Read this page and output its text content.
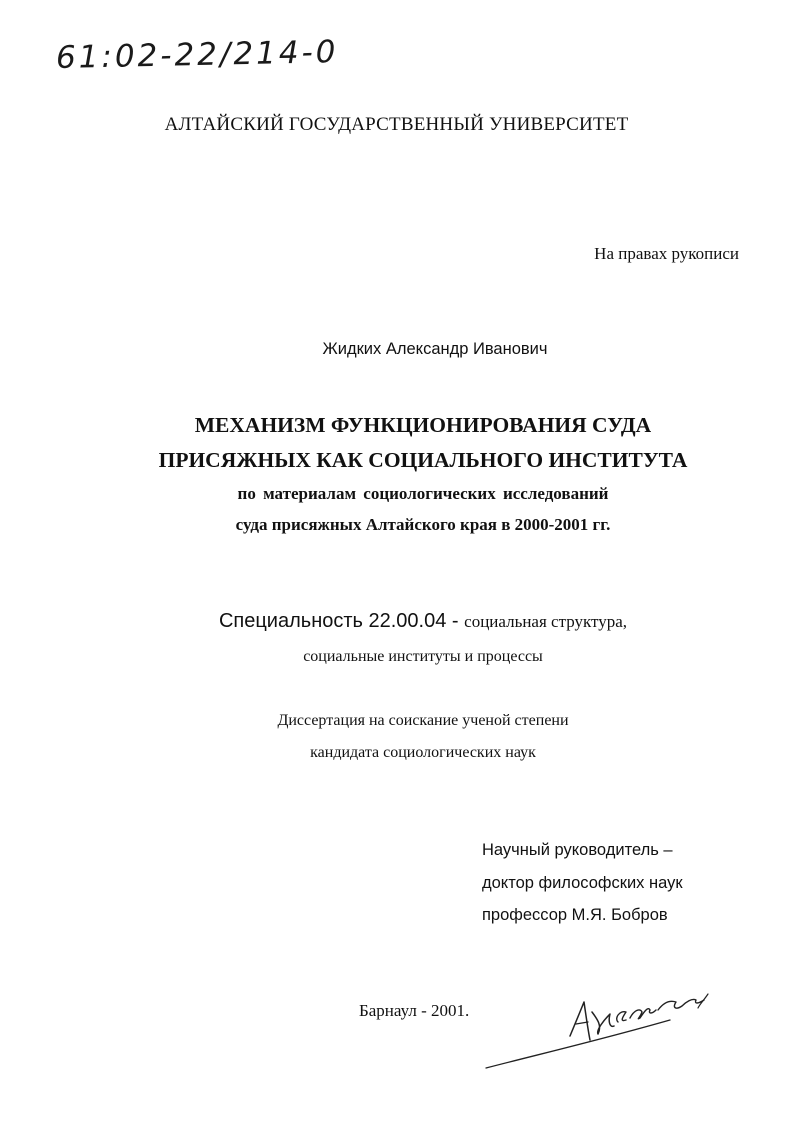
61:02-22/214-0
АЛТАЙСКИЙ ГОСУДАРСТВЕННЫЙ УНИВЕРСИТЕТ
На правах рукописи
Жидких Александр Иванович
МЕХАНИЗМ ФУНКЦИОНИРОВАНИЯ СУДА
ПРИСЯЖНЫХ КАК СОЦИАЛЬНОГО ИНСТИТУТА
по материалам социологических исследований
суда присяжных Алтайского края в 2000-2001 гг.
Специальность 22.00.04 - социальная структура,
социальные институты и процессы
Диссертация на соискание ученой степени
кандидата социологических наук
Научный руководитель –
доктор философских наук
профессор М.Я. Бобров
Барнаул - 2001.
